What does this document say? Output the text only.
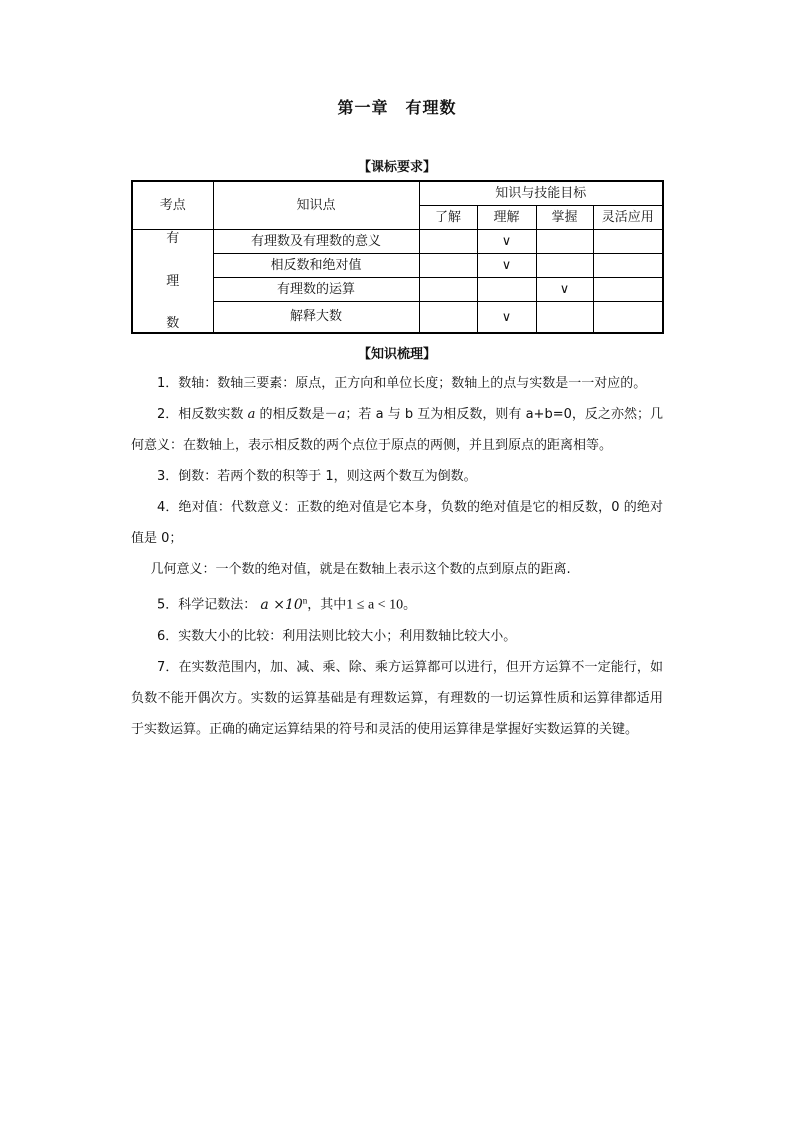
第一章　有理数
【课标要求】
考点	知识点	知识与技能目标			
		了解	理解	掌握	灵活应用

有
理
数	有理数及有理数的意义		∨		
	相反数和绝对值		∨		
	有理数的运算			∨	
	解释大数		∨		
【知识梳理】

1．数轴：数轴三要素：原点，正方向和单位长度；数轴上的点与实数是一一对应的。

2．相反数实数 a 的相反数是－a；若 a 与 b 互为相反数，则有 a+b=0，反之亦然；几何意义：在数轴上，表示相反数的两个点位于原点的两侧，并且到原点的距离相等。

3．倒数：若两个数的积等于 1，则这两个数互为倒数。

4．绝对值：代数意义：正数的绝对值是它本身，负数的绝对值是它的相反数，0 的绝对值是 0；

几何意义：一个数的绝对值，就是在数轴上表示这个数的点到原点的距离.

5．科学记数法： $a \times 10^n$，其中1 ≤ a < 10。

6．实数大小的比较：利用法则比较大小；利用数轴比较大小。

7．在实数范围内，加、减、乘、除、乘方运算都可以进行，但开方运算不一定能行，如负数不能开偶次方。实数的运算基础是有理数运算，有理数的一切运算性质和运算律都适用于实数运算。正确的确定运算结果的符号和灵活的使用运算律是掌握好实数运算的关键。
